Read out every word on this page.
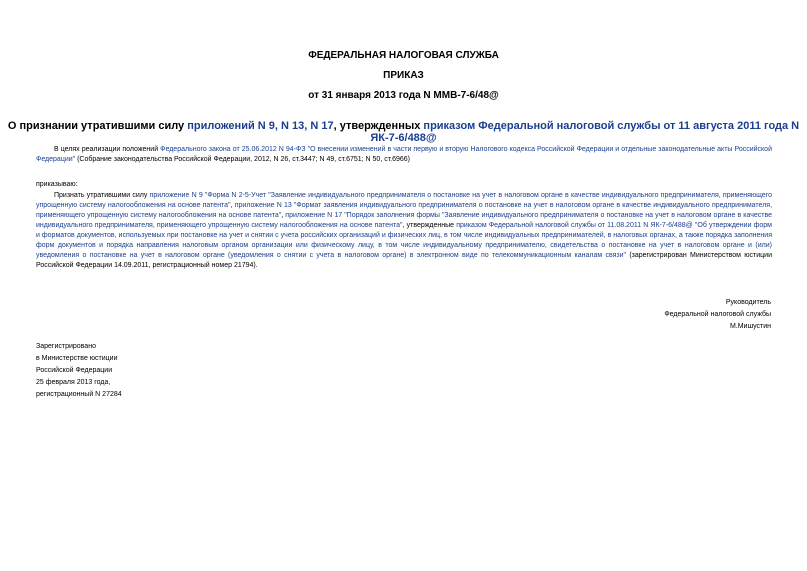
ФЕДЕРАЛЬНАЯ НАЛОГОВАЯ СЛУЖБА
ПРИКАЗ
от 31 января 2013 года N ММВ-7-6/48@
О признании утратившими силу приложений N 9, N 13, N 17, утвержденных приказом Федеральной налоговой службы от 11 августа 2011 года N ЯК-7-6/488@
В целях реализации положений Федерального закона от 25.06.2012 N 94-ФЗ "О внесении изменений в части первую и вторую Налогового кодекса Российской Федерации и отдельные законодательные акты Российской Федерации" (Собрание законодательства Российской Федерации, 2012, N 26, ст.3447; N 49, ст.6751; N 50, ст.6966)
приказываю:
Признать утратившими силу приложение N 9 "Форма N 2-5-Учет "Заявление индивидуального предпринимателя о постановке на учет в налоговом органе в качестве индивидуального предпринимателя, применяющего упрощенную систему налогообложения на основе патента", приложение N 13 "Формат заявления индивидуального предпринимателя о постановке на учет в налоговом органе в качестве индивидуального предпринимателя, применяющего упрощенную систему налогообложения на основе патента", приложение N 17 "Порядок заполнения формы "Заявление индивидуального предпринимателя о постановке на учет в налоговом органе в качестве индивидуального предпринимателя, применяющего упрощенную систему налогообложения на основе патента", утвержденные приказом Федеральной налоговой службы от 11.08.2011 N ЯК-7-6/488@ "Об утверждении форм и форматов документов, используемых при постановке на учет и снятии с учета российских организаций и физических лиц, в том числе индивидуальных предпринимателей, в налоговых органах, а также порядка заполнения форм документов и порядка направления налоговым органом организации или физическому лицу, в том числе индивидуальному предпринимателю, свидетельства о постановке на учет в налоговом органе и (или) уведомления о постановке на учет в налоговом органе (уведомления о снятии с учета в налоговом органе) в электронном виде по телекоммуникационным каналам связи" (зарегистрирован Министерством юстиции Российской Федерации 14.09.2011, регистрационный номер 21794).
Руководитель
Федеральной налоговой службы
М.Мишустин
Зарегистрировано
в Министерстве юстиции
Российской Федерации
25 февраля 2013 года,
регистрационный N 27284
